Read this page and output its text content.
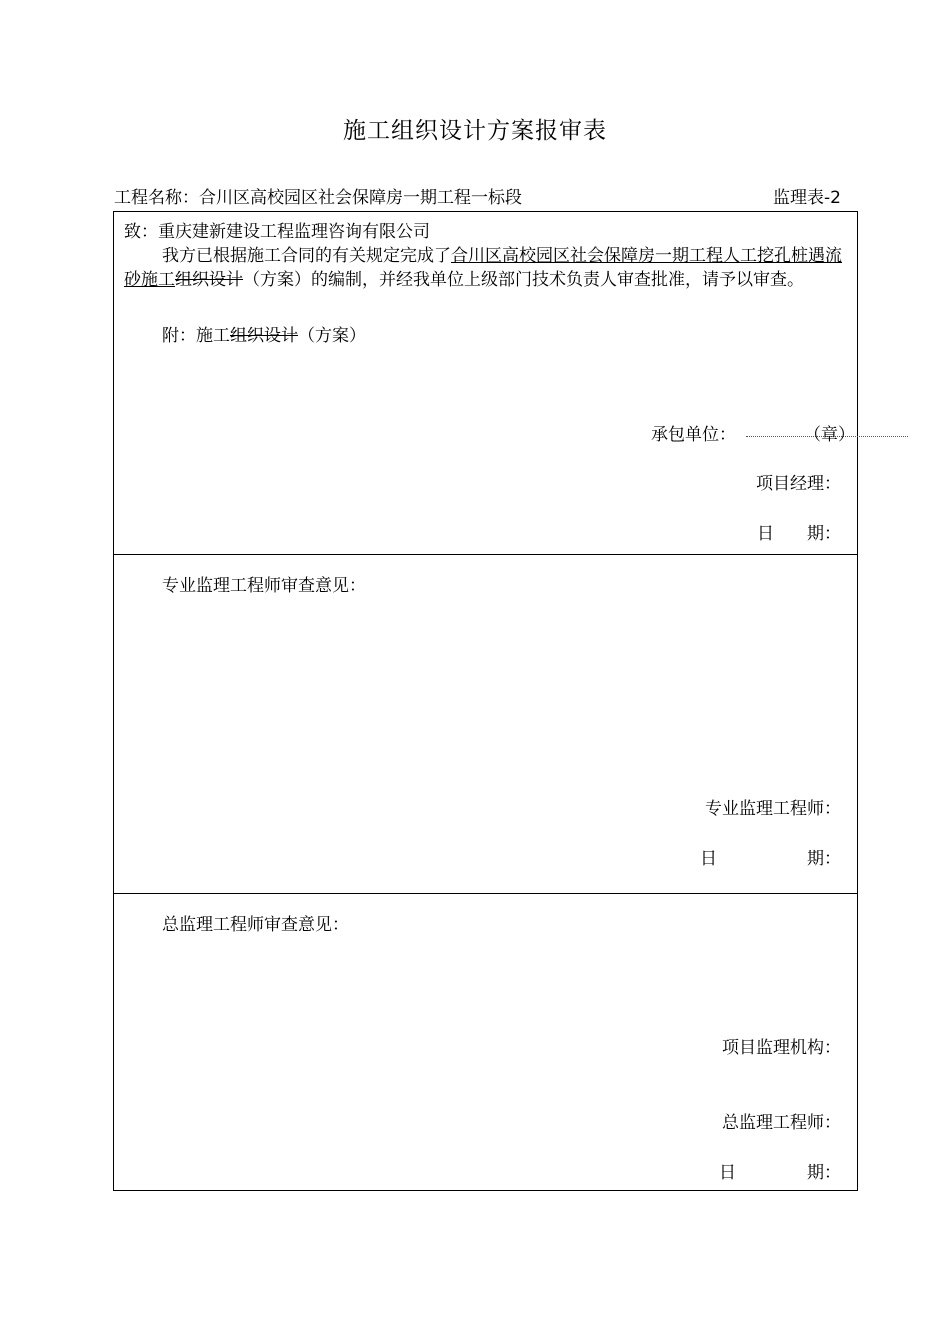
施工组织设计方案报审表
工程名称：合川区高校园区社会保障房一期工程一标段	监理表-2
致：重庆建新建设工程监理咨询有限公司
我方已根据施工合同的有关规定完成了合川区高校园区社会保障房一期工程人工挖孔桩遇流砂施工组织设计（方案）的编制，并经我单位上级部门技术负责人审查批准，请予以审查。
附：施工组织设计（方案）
承包单位：	（章）
项目经理：
日 期：
专业监理工程师审查意见：
专业监理工程师：
日	期：
总监理工程师审查意见：
项目监理机构：
总监理工程师：
日	期：
